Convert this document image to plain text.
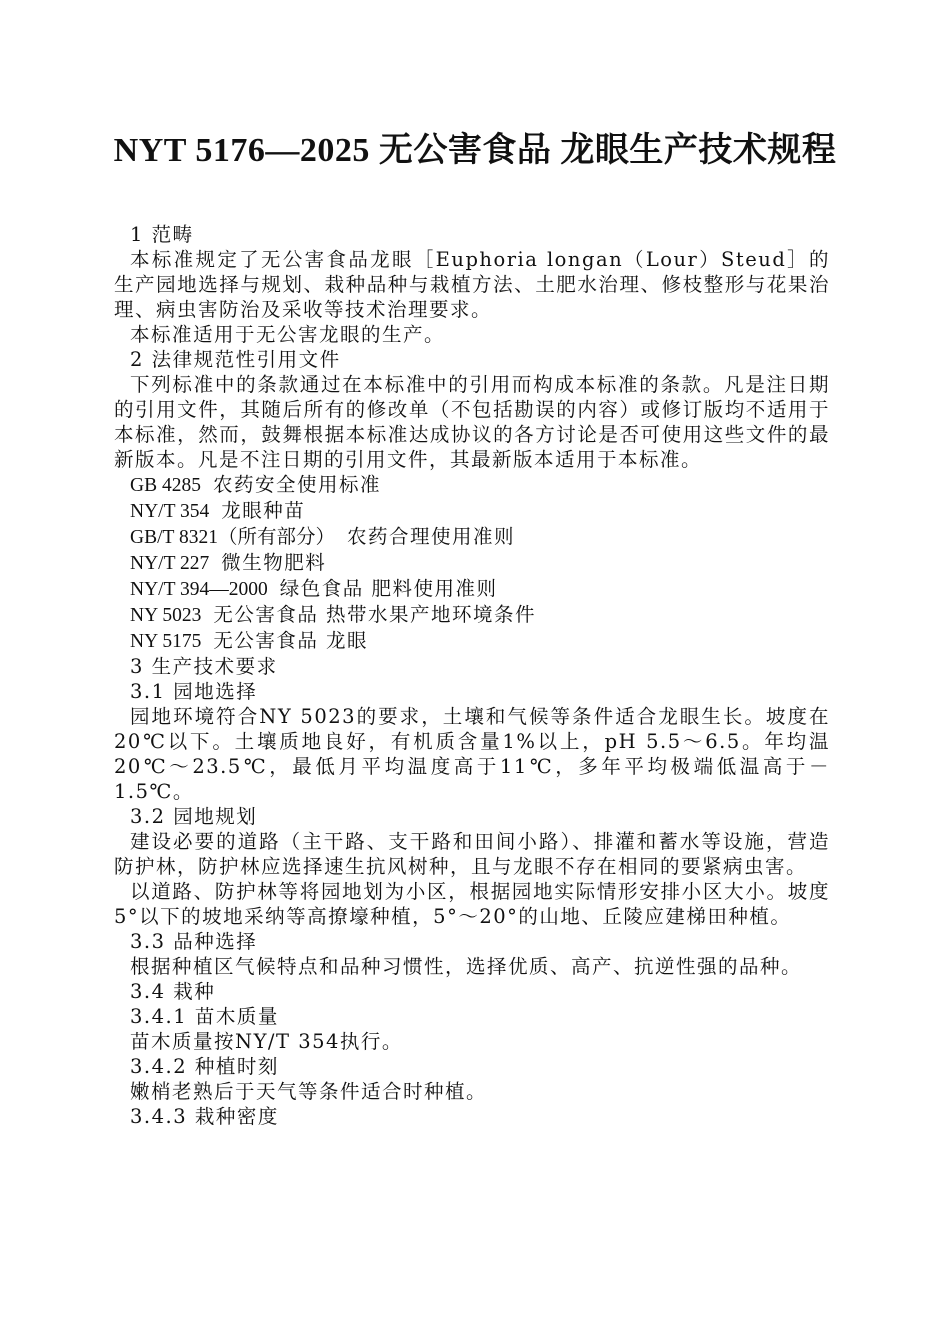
NYT 5176—2025 无公害食品 龙眼生产技术规程

1 范畴

本标准规定了无公害食品龙眼［Euphoria longan（Lour）Steud］的生产园地选择与规划、栽种品种与栽植方法、土肥水治理、修枝整形与花果治理、病虫害防治及采收等技术治理要求。

本标准适用于无公害龙眼的生产。

2 法律规范性引用文件

下列标准中的条款通过在本标准中的引用而构成本标准的条款。凡是注日期的引用文件，其随后所有的修改单（不包括勘误的内容）或修订版均不适用于本标准，然而，鼓舞根据本标准达成协议的各方讨论是否可使用这些文件的最新版本。凡是不注日期的引用文件，其最新版本适用于本标准。

GB 4285 农药安全使用标准

NY/T 354 龙眼种苗

GB/T 8321（所有部分） 农药合理使用准则

NY/T 227 微生物肥料

NY/T 394—2000 绿色食品 肥料使用准则

NY 5023 无公害食品 热带水果产地环境条件

NY 5175 无公害食品 龙眼

3 生产技术要求

3.1 园地选择

园地环境符合NY 5023的要求，土壤和气候等条件适合龙眼生长。坡度在20℃以下。土壤质地良好，有机质含量1%以上，pH 5.5～6.5。年均温20℃～23.5℃，最低月平均温度高于11℃，多年平均极端低温高于－1.5℃。

3.2 园地规划

建设必要的道路（主干路、支干路和田间小路）、排灌和蓄水等设施，营造防护林，防护林应选择速生抗风树种，且与龙眼不存在相同的要紧病虫害。

以道路、防护林等将园地划为小区，根据园地实际情形安排小区大小。坡度5°以下的坡地采纳等高撩壕种植，5°～20°的山地、丘陵应建梯田种植。

3.3 品种选择

根据种植区气候特点和品种习惯性，选择优质、高产、抗逆性强的品种。

3.4 栽种

3.4.1 苗木质量

苗木质量按NY/T 354执行。

3.4.2 种植时刻

嫩梢老熟后于天气等条件适合时种植。

3.4.3 栽种密度
